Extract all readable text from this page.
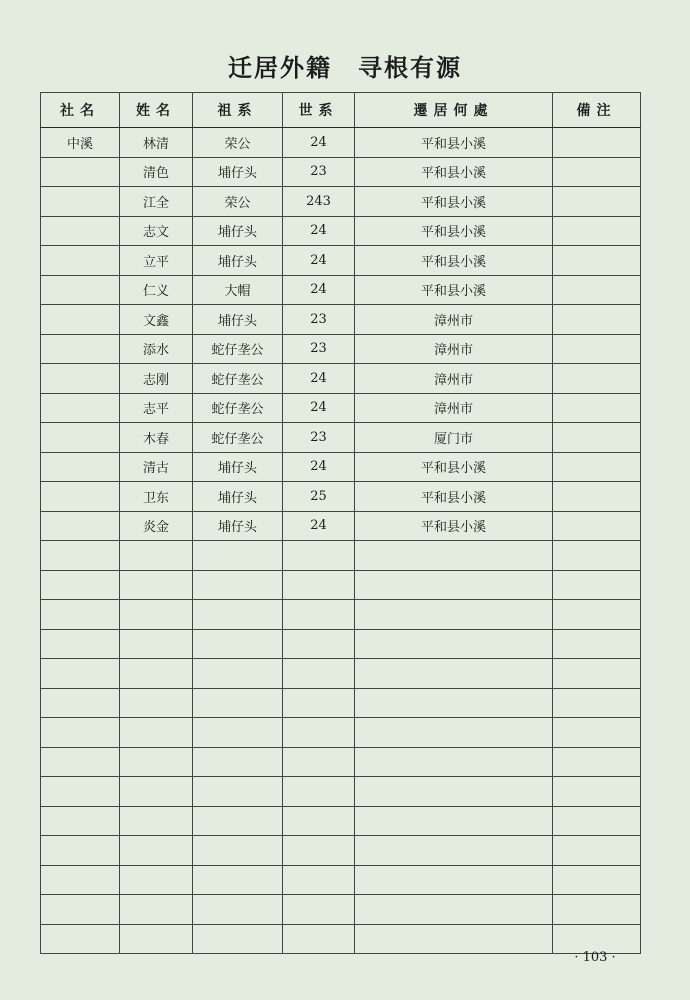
迁居外籍　寻根有源
社名	姓名	祖系	世系	遷居何處	備注
中溪	林清	荣公	24	平和县小溪	
	清色	埔仔头	23	平和县小溪	
	江全	荣公	243	平和县小溪	
	志文	埔仔头	24	平和县小溪	
	立平	埔仔头	24	平和县小溪	
	仁义	大帽	24	平和县小溪	
	文鑫	埔仔头	23	漳州市	
	添水	蛇仔垄公	23	漳州市	
	志刚	蛇仔垄公	24	漳州市	
	志平	蛇仔垄公	24	漳州市	
	木春	蛇仔垄公	23	厦门市	
	清古	埔仔头	24	平和县小溪	
	卫东	埔仔头	25	平和县小溪	
	炎金	埔仔头	24	平和县小溪	

· 103 ·
